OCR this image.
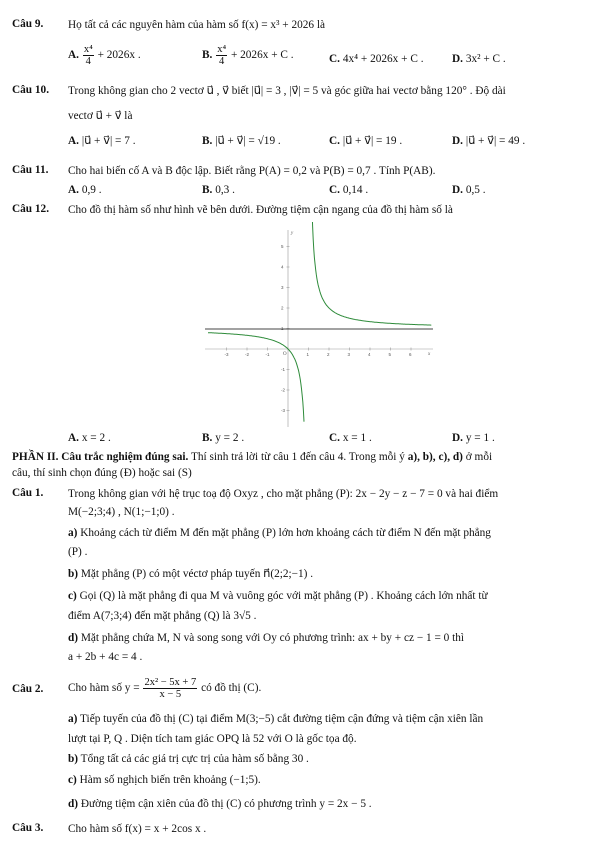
Câu 9. Họ tất cả các nguyên hàm của hàm số f(x) = x³ + 2026 là
A. $\frac{\text{x⁴}}{4} + 2026x$ .	B. $\frac{\text{x⁴}}{4} + 2026x + C$ .	C. 4x⁴ + 2026x + C .	D. 3x² + C .
Câu 10. Trong không gian cho 2 vectơ u⃗ , v⃗ biết |u⃗| = 3 , |v⃗| = 5 và góc giữa hai vectơ bằng 120° . Độ dài
vectơ u⃗ + v⃗ là
A. |u⃗ + v⃗| = 7 .	B. |u⃗ + v⃗| = √19 .	C. |u⃗ + v⃗| = 19 .	D. |u⃗ + v⃗| = 49 .
Câu 11. Cho hai biến cố A và B độc lập. Biết rằng P(A) = 0,2 và P(B) = 0,7 . Tính P(AB).
A. 0,9 .	B. 0,3 .	C. 0,14 .	D. 0,5 .
Câu 12. Cho đồ thị hàm số như hình vẽ bên dưới. Đường tiệm cận ngang của đồ thị hàm số là
-3	-2	-1	1	2	3	4	5	6
5
4
3
2
1
-1
-2
-3
y
x
O
A. x = 2 .	B. y = 2 .	C. x = 1 .	D. y = 1 .
PHẦN II. Câu trắc nghiệm đúng sai. Thí sinh trả lời từ câu 1 đến câu 4. Trong mỗi ý a), b), c), d) ở mỗi
câu, thí sinh chọn đúng (Đ) hoặc sai (S)
Câu 1. Trong không gian với hệ trục toạ độ Oxyz , cho mặt phẳng (P): 2x − 2y − z − 7 = 0 và hai điểm
M(−2;3;4) , N(1;−1;0) .
a) Khoảng cách từ điểm M đến mặt phẳng (P) lớn hơn khoảng cách từ điểm N đến mặt phẳng
(P) .
b) Mặt phẳng (P) có một véctơ pháp tuyến n⃗(2;2;−1) .
c) Gọi (Q) là mặt phẳng đi qua M và vuông góc với mặt phẳng (P) . Khoảng cách lớn nhất từ
điểm A(7;3;4) đến mặt phẳng (Q) là 3√5 .
d) Mặt phẳng chứa M, N và song song với Oy có phương trình: ax + by + cz − 1 = 0 thì
a + 2b + 4c = 4 .
Câu 2. Cho hàm số $y = \frac{\text{2x² − 5x + 7}}{x - 5}$ có đồ thị (C).
a) Tiếp tuyến của đồ thị (C) tại điểm M(3;−5) cắt đường tiệm cận đứng và tiệm cận xiên lần
lượt tại P, Q . Diện tích tam giác OPQ là 52 với O là gốc tọa độ.
b) Tổng tất cả các giá trị cực trị của hàm số bằng 30 .
c) Hàm số nghịch biến trên khoảng (−1;5).
d) Đường tiệm cận xiên của đồ thị (C) có phương trình y = 2x − 5 .
Câu 3. Cho hàm số f(x) = x + 2cos x .
